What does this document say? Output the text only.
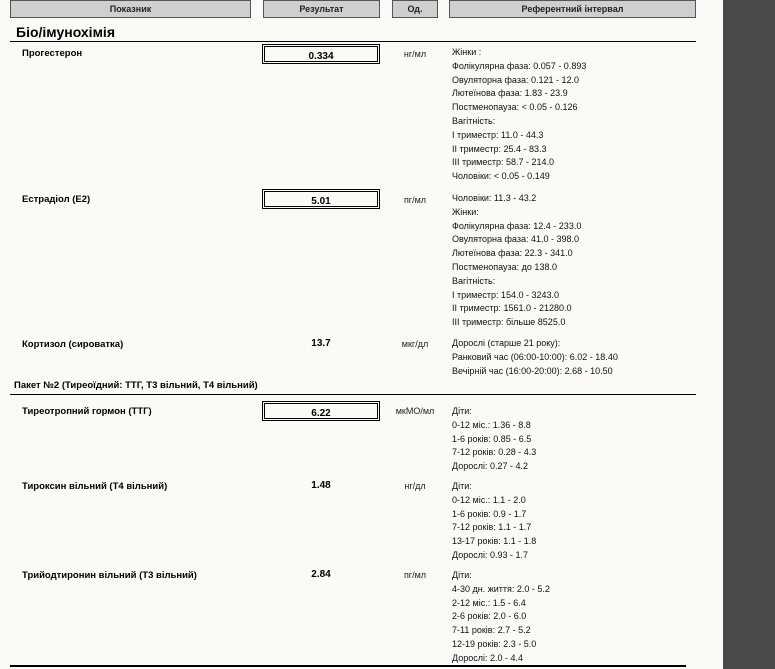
Показник	Результат	Од.	Референтний інтервал
Біо/імунохімія
Прогестерон	0.334	нг/мл	Жінки :
Фолікулярна фаза: 0.057 - 0.893
Овуляторна фаза: 0.121 - 12.0
Лютеїнова фаза: 1.83 - 23.9
Постменопауза: < 0.05 - 0.126
Вагітність:
I триместр: 11.0 - 44.3
II триместр: 25.4 - 83.3
III триместр: 58.7 - 214.0
Чоловіки: < 0.05 - 0.149
Естрадіол (Е2)	5.01	пг/мл	Чоловіки: 11.3 - 43.2
Жінки:
Фолікулярна фаза: 12.4 - 233.0
Овуляторна фаза: 41.0 - 398.0
Лютеїнова фаза: 22.3 - 341.0
Постменопауза: до 138.0
Вагітність:
I триместр: 154.0 - 3243.0
II триместр: 1561.0 - 21280.0
III триместр: більше 8525.0
Кортизол (сироватка)	13.7	мкг/дл	Дорослі (старше 21 року):
Ранковий час (06:00-10:00): 6.02 - 18.40
Вечірній час (16:00-20:00): 2.68 - 10.50
Пакет №2 (Тиреоїдний: ТТГ, Т3 вільний, Т4 вільний)
Тиреотропний гормон (ТТГ)	6.22	мкМО/мл	Діти:
0-12 міс.: 1.36 - 8.8
1-6 років: 0.85 - 6.5
7-12 років: 0.28 - 4.3
Дорослі: 0.27 - 4.2
Тироксин вільний (Т4 вільний)	1.48	нг/дл	Діти:
0-12 міс.: 1.1 - 2.0
1-6 років: 0.9 - 1.7
7-12 років: 1.1 - 1.7
13-17 років: 1.1 - 1.8
Дорослі: 0.93 - 1.7
Трийодтиронин вільний (Т3 вільний)	2.84	пг/мл	Діти:
4-30 дн. життя: 2.0 - 5.2
2-12 міс.: 1.5 - 6.4
2-6 років: 2.0 - 6.0
7-11 років: 2.7 - 5.2
12-19 років: 2.3 - 5.0
Дорослі: 2.0 - 4.4
